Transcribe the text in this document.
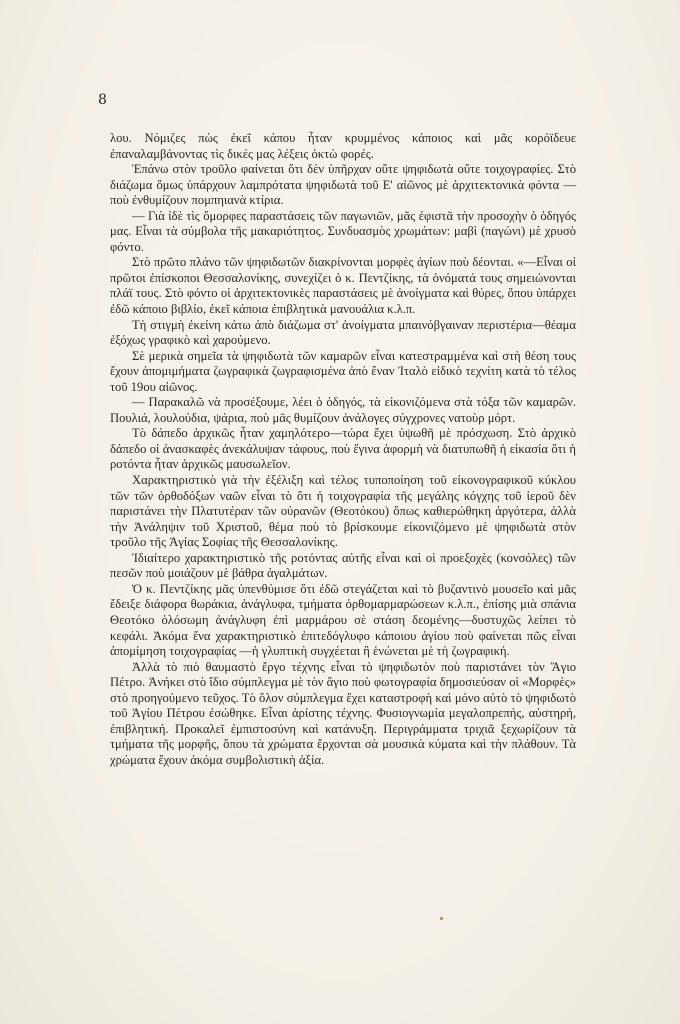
8

λου. Νόμιζες πὼς ἐκεῖ κάπου ἦταν κρυμμένος κάποιος καὶ μᾶς κορόϊδευε ἐπαναλαμβάνοντας τὶς δικές μας λέξεις ὀκτὼ φορές.

Ἐπάνω στὸν τροῦλο φαίνεται ὅτι δὲν ὑπῆρχαν οὔτε ψηφιδωτὰ οὔτε τοιχογραφίες. Στὸ διάζωμα ὅμως ὑπάρχουν λαμπρότατα ψηφιδωτὰ τοῦ Ε' αἰῶνος μὲ ἀρχιτεκτονικὰ φόντα — ποὺ ἐνθυμίζουν πομπηιανὰ κτίρια.

— Γιὰ ἰδὲ τὶς ὄμορφες παραστάσεις τῶν παγωνιῶν, μᾶς ἐφιστᾶ τὴν προσοχὴν ὁ ὁδηγός μας. Εἶναι τὰ σύμβολα τῆς μακαριότητος. Συνδυασμὸς χρωμάτων: μαβὶ (παγώνι) μὲ χρυσὸ φόντο.

Στὸ πρῶτο πλάνο τῶν ψηφιδωτῶν διακρίνονται μορφὲς ἁγίων ποὺ δέονται. «—Εἶναι οἱ πρῶτοι ἐπίσκοποι Θεσσαλονίκης, συνεχίζει ὁ κ. Πεντζίκης, τὰ ὀνόματά τους σημειώνονται πλάϊ τους. Στὸ φόντο οἱ ἀρχιτεκτονικὲς παραστάσεις μὲ ἀνοίγματα καὶ θύρες, ὅπου ὑπάρχει ἐδῶ κάποιο βιβλίο, ἐκεῖ κάποια ἐπιβλητικὰ μανουάλια κ.λ.π.

Τὴ στιγμὴ ἐκείνη κάτω ἀπὸ διάζωμα στ' ἀνοίγματα μπαινόβγαιναν περιστέρια—θέαμα ἐξόχως γραφικὸ καὶ χαρούμενο.

Σὲ μερικὰ σημεῖα τὰ ψηφιδωτὰ τῶν καμαρῶν εἶναι κατεστραμμένα καὶ στὴ θέση τους ἔχουν ἀπομιμήματα ζωγραφικὰ ζωγραφισμένα ἀπὸ ἕναν Ἰταλὸ εἰδικὸ τεχνίτη κατὰ τὸ τέλος τοῦ 19ου αἰῶνος.

— Παρακαλῶ νὰ προσέξουμε, λέει ὁ ὁδηγός, τὰ εἰκονιζόμενα στὰ τόξα τῶν καμαρῶν. Πουλιά, λουλούδια, ψάρια, ποὺ μᾶς θυμίζουν ἀνάλογες σύγχρονες νατοὺρ μόρτ.

Τὸ δάπεδο ἀρχικῶς ἦταν χαμηλότερο—τώρα ἔχει ὑψωθῆ μὲ πρόσχωση. Στὸ ἀρχικὸ δάπεδο οἱ ἀνασκαφὲς ἀνεκάλυψαν τάφους, ποὺ ἔγινα ἀφορμὴ νὰ διατυπωθῆ ἡ εἰκασία ὅτι ἡ ροτόντα ἦταν ἀρχικῶς μαυσωλεῖον.

Χαρακτηριστικὸ γιὰ τὴν ἐξέλιξη καὶ τέλος τυποποίηση τοῦ εἰκονογραφικοῦ κύκλου τῶν τῶν ὀρθοδόξων ναῶν εἶναι τὸ ὅτι ἡ τοιχογραφία τῆς μεγάλης κόγχης τοῦ ἱεροῦ δὲν παριστάνει τὴν Πλατυτέραν τῶν οὐρανῶν (Θεοτόκου) ὅπως καθιερώθηκη ἀργότερα, ἀλλὰ τὴν Ἀνάληψιν τοῦ Χριστοῦ, θέμα ποὺ τὸ βρίσκουμε εἰκονιζόμενο μὲ ψηφιδωτὰ στὸν τροῦλο τῆς Ἁγίας Σοφίας τῆς Θεσσαλονίκης.

Ἰδιαίτερο χαρακτηριστικὸ τῆς ροτόντας αὐτῆς εἶναι καὶ οἱ προεξοχὲς (κονσόλες) τῶν πεσῶν ποὺ μοιάζουν μὲ βάθρα ἀγαλμάτων.

Ὁ κ. Πεντζίκης μᾶς ὑπενθύμισε ὅτι ἐδῶ στεγάζεται καὶ τὸ βυζαντινὸ μουσεῖο καὶ μᾶς ἔδειξε διάφορα θωράκια, ἀνάγλυφα, τμήματα ὀρθομαρμαρώσεων κ.λ.π., ἐπίσης μιὰ σπάνια Θεοτόκο ὁλόσωμη ἀνάγλυφη ἐπὶ μαρμάρου σὲ στάση δεομένης—δυστυχῶς λείπει τὸ κεφάλι. Ἀκόμα ἕνα χαρακτηριστικὸ ἐπιτεδόγλυφο κάποιου ἁγίου ποὺ φαίνεται πῶς εἶναι ἀπομίμηση τοιχογραφίας —ἡ γλυπτικὴ συγχέεται ἢ ἑνώνεται μὲ τὴ ζωγραφική.

Ἀλλὰ τὸ πιὸ θαυμαστὸ ἔργο τέχνης εἶναι τὸ ψηφιδωτὸν ποὺ παριστάνει τὸν Ἅγιο Πέτρο. Ἀνήκει στὸ ἴδιο σύμπλεγμα μὲ τὸν ἅγιο ποὺ φωτογραφία δημοσιεύσαν οἱ «Μορφὲς» στὸ προηγούμενο τεῦχος. Τὸ ὅλον σύμπλεγμα ἔχει καταστροφὴ καὶ μόνο αὐτὸ τὸ ψηφιδωτὸ τοῦ Ἁγίου Πέτρου ἐσώθηκε. Εἶναι ἀρίστης τέχνης. Φυσιογνωμία μεγαλοπρεπής, αὐστηρή, ἐπιβλητική. Προκαλεῖ ἐμπιστοσύνη καὶ κατάνυξη. Περιγράμματα τριχιᾶ ξεχωρίζουν τὰ τμήματα τῆς μορφῆς, ὅπου τὰ χρώματα ἔρχονται σὰ μουσικὰ κύματα καὶ τὴν πλάθουν. Τὰ χρώματα ἔχουν ἀκόμα συμβολιστικὴ ἀξία.
